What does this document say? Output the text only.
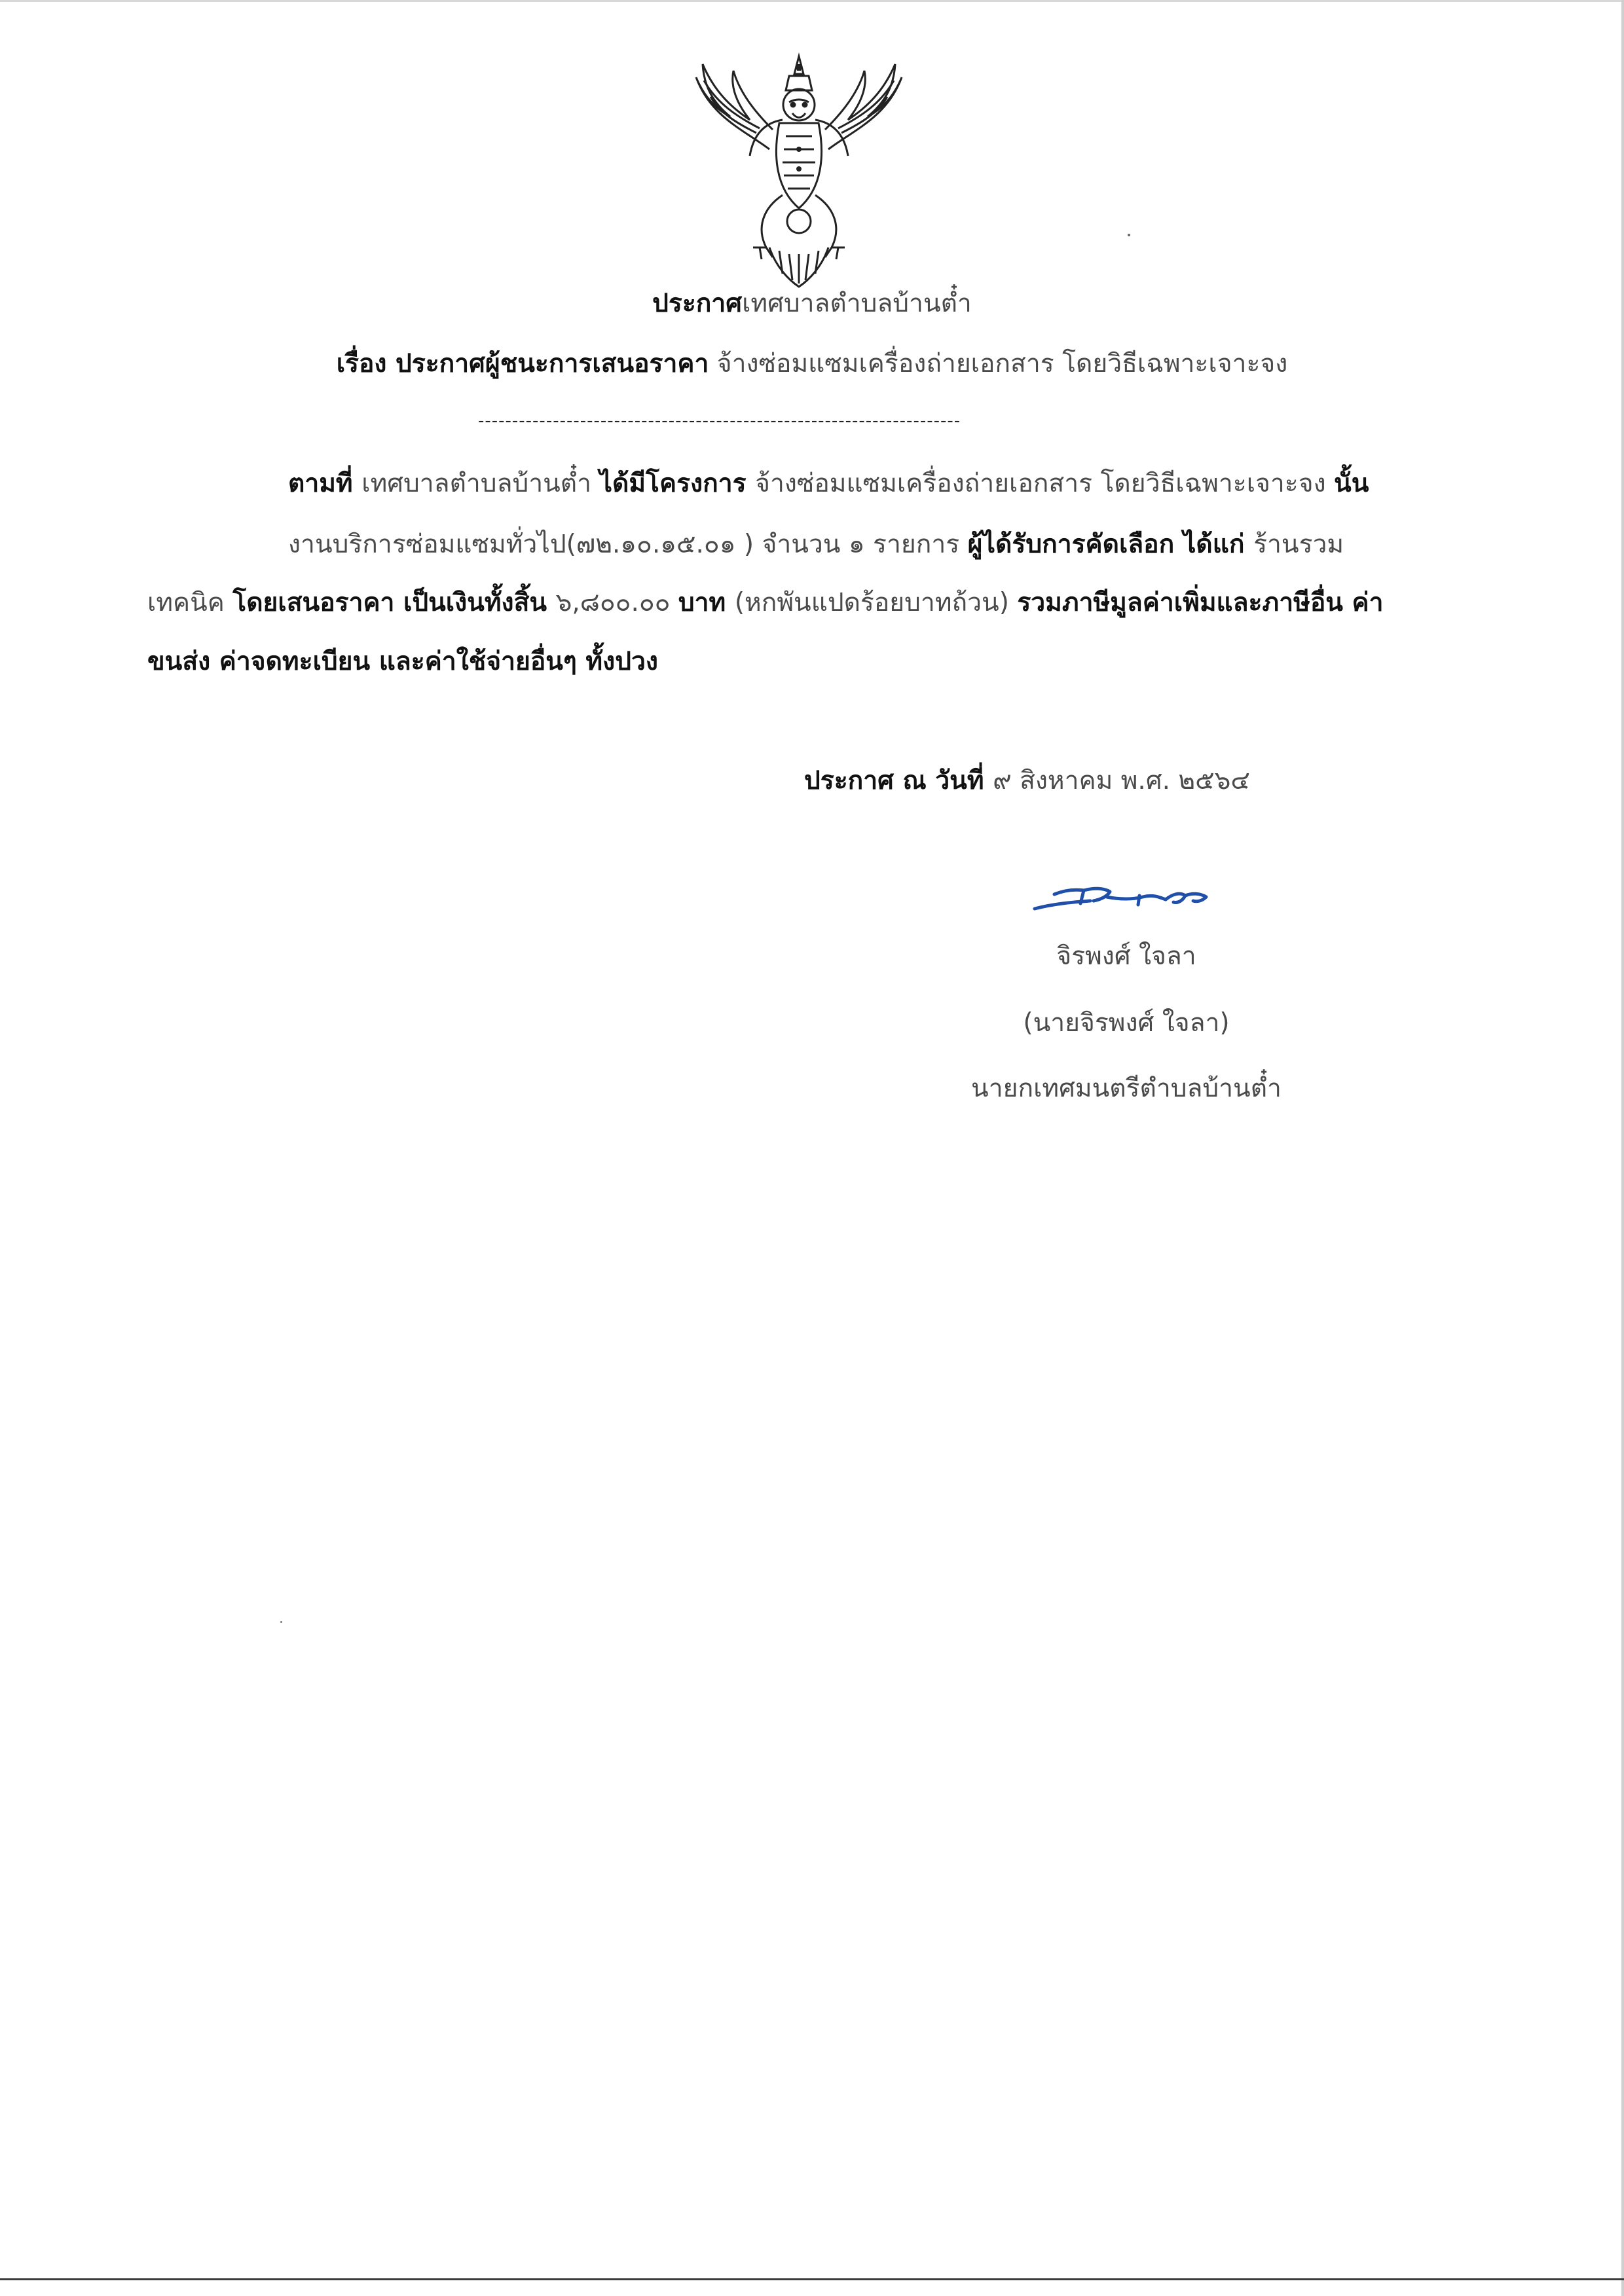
ประกาศเทศบาลตำบลบ้านต๋ำ
เรื่อง ประกาศผู้ชนะการเสนอราคา จ้างซ่อมแซมเครื่องถ่ายเอกสาร โดยวิธีเฉพาะเจาะจง
-----------------------------------------------------------------------
ตามที่ เทศบาลตำบลบ้านต๋ำ ได้มีโครงการ จ้างซ่อมแซมเครื่องถ่ายเอกสาร โดยวิธีเฉพาะเจาะจง นั้น
งานบริการซ่อมแซมทั่วไป(๗๒.๑๐.๑๕.๐๑ ) จำนวน ๑ รายการ ผู้ได้รับการคัดเลือก ได้แก่ ร้านรวม
เทคนิค โดยเสนอราคา เป็นเงินทั้งสิ้น ๖,๘๐๐.๐๐ บาท (หกพันแปดร้อยบาทถ้วน) รวมภาษีมูลค่าเพิ่มและภาษีอื่น ค่า
ขนส่ง ค่าจดทะเบียน และค่าใช้จ่ายอื่นๆ ทั้งปวง
ประกาศ ณ วันที่ ๙ สิงหาคม พ.ศ. ๒๕๖๔
จิรพงศ์ ใจลา
(นายจิรพงศ์ ใจลา)
นายกเทศมนตรีตำบลบ้านต๋ำ
